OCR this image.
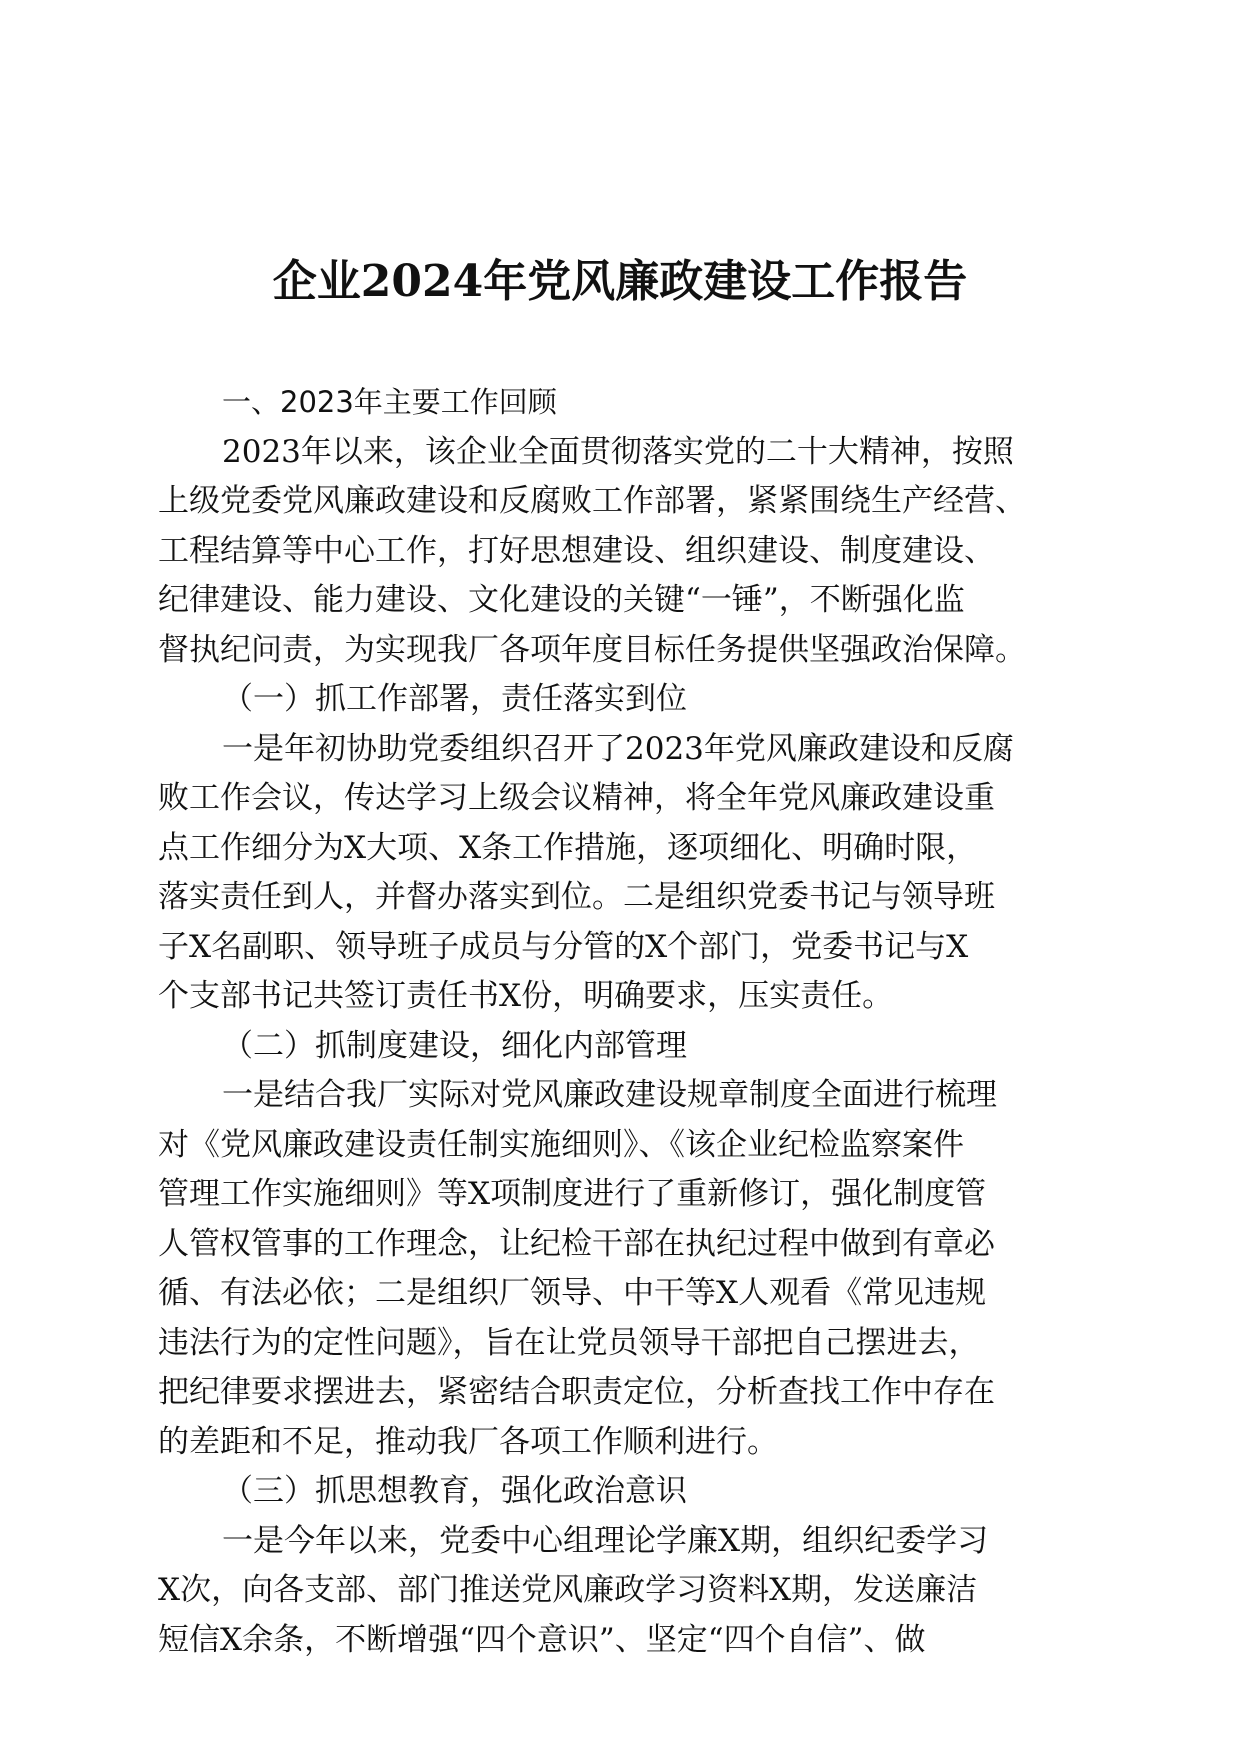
企业2024年党风廉政建设工作报告

一、2023年主要工作回顾

2023年以来，该企业全面贯彻落实党的二十大精神，按照

上级党委党风廉政建设和反腐败工作部署，紧紧围绕生产经营、

工程结算等中心工作，打好思想建设、组织建设、制度建设、

纪律建设、能力建设、文化建设的关键“一锤”，不断强化监

督执纪问责，为实现我厂各项年度目标任务提供坚强政治保障。

（一）抓工作部署，责任落实到位

一是年初协助党委组织召开了2023年党风廉政建设和反腐

败工作会议，传达学习上级会议精神，将全年党风廉政建设重

点工作细分为X大项、X条工作措施，逐项细化、明确时限，

落实责任到人，并督办落实到位。二是组织党委书记与领导班

子X名副职、领导班子成员与分管的X个部门，党委书记与X

个支部书记共签订责任书X份，明确要求，压实责任。

（二）抓制度建设，细化内部管理

一是结合我厂实际对党风廉政建设规章制度全面进行梳理

对《党风廉政建设责任制实施细则》、《该企业纪检监察案件

管理工作实施细则》等X项制度进行了重新修订，强化制度管

人管权管事的工作理念，让纪检干部在执纪过程中做到有章必

循、有法必依；二是组织厂领导、中干等X人观看《常见违规

违法行为的定性问题》，旨在让党员领导干部把自己摆进去，

把纪律要求摆进去，紧密结合职责定位，分析查找工作中存在

的差距和不足，推动我厂各项工作顺利进行。

（三）抓思想教育，强化政治意识

一是今年以来，党委中心组理论学廉X期，组织纪委学习

X次，向各支部、部门推送党风廉政学习资料X期，发送廉洁

短信X余条，不断增强“四个意识”、坚定“四个自信”、做
